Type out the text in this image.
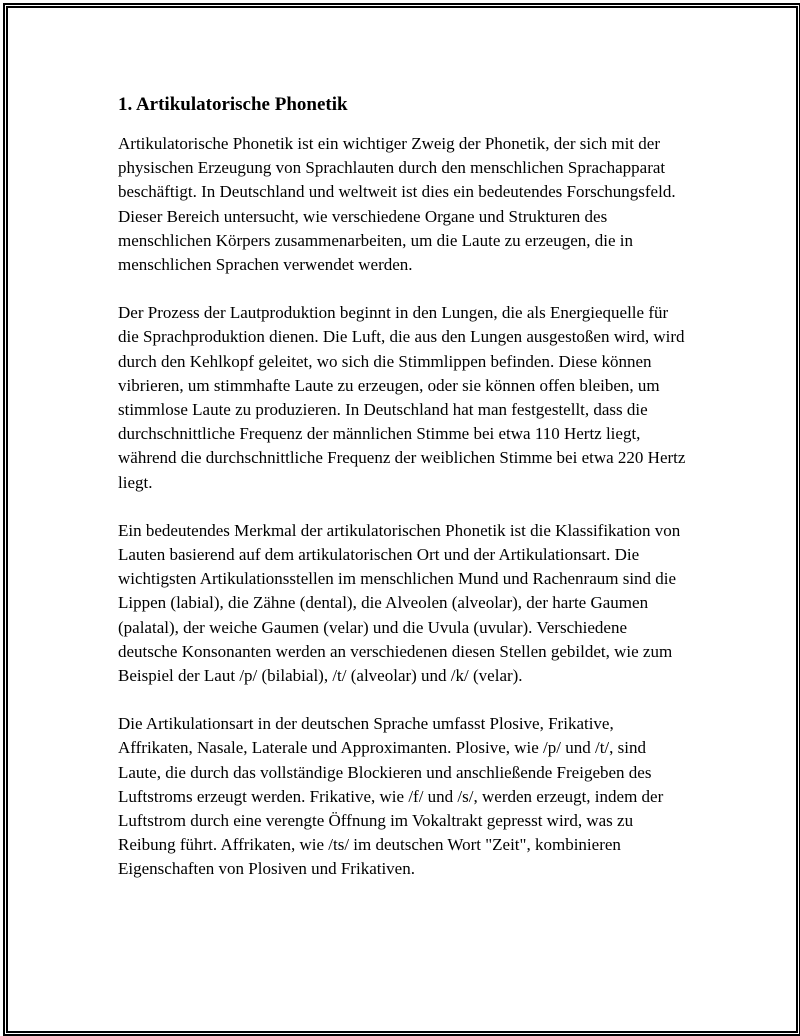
1. Artikulatorische Phonetik

Artikulatorische Phonetik ist ein wichtiger Zweig der Phonetik, der sich mit der physischen Erzeugung von Sprachlauten durch den menschlichen Sprachapparat beschäftigt. In Deutschland und weltweit ist dies ein bedeutendes Forschungsfeld. Dieser Bereich untersucht, wie verschiedene Organe und Strukturen des menschlichen Körpers zusammenarbeiten, um die Laute zu erzeugen, die in menschlichen Sprachen verwendet werden.

Der Prozess der Lautproduktion beginnt in den Lungen, die als Energiequelle für die Sprachproduktion dienen. Die Luft, die aus den Lungen ausgestoßen wird, wird durch den Kehlkopf geleitet, wo sich die Stimmlippen befinden. Diese können vibrieren, um stimmhafte Laute zu erzeugen, oder sie können offen bleiben, um stimmlose Laute zu produzieren. In Deutschland hat man festgestellt, dass die durchschnittliche Frequenz der männlichen Stimme bei etwa 110 Hertz liegt, während die durchschnittliche Frequenz der weiblichen Stimme bei etwa 220 Hertz liegt.

Ein bedeutendes Merkmal der artikulatorischen Phonetik ist die Klassifikation von Lauten basierend auf dem artikulatorischen Ort und der Artikulationsart. Die wichtigsten Artikulationsstellen im menschlichen Mund und Rachenraum sind die Lippen (labial), die Zähne (dental), die Alveolen (alveolar), der harte Gaumen (palatal), der weiche Gaumen (velar) und die Uvula (uvular). Verschiedene deutsche Konsonanten werden an verschiedenen diesen Stellen gebildet, wie zum Beispiel der Laut /p/ (bilabial), /t/ (alveolar) und /k/ (velar).

Die Artikulationsart in der deutschen Sprache umfasst Plosive, Frikative, Affrikaten, Nasale, Laterale und Approximanten. Plosive, wie /p/ und /t/, sind Laute, die durch das vollständige Blockieren und anschließende Freigeben des Luftstroms erzeugt werden. Frikative, wie /f/ und /s/, werden erzeugt, indem der Luftstrom durch eine verengte Öffnung im Vokaltrakt gepresst wird, was zu Reibung führt. Affrikaten, wie /ts/ im deutschen Wort "Zeit", kombinieren Eigenschaften von Plosiven und Frikativen.
